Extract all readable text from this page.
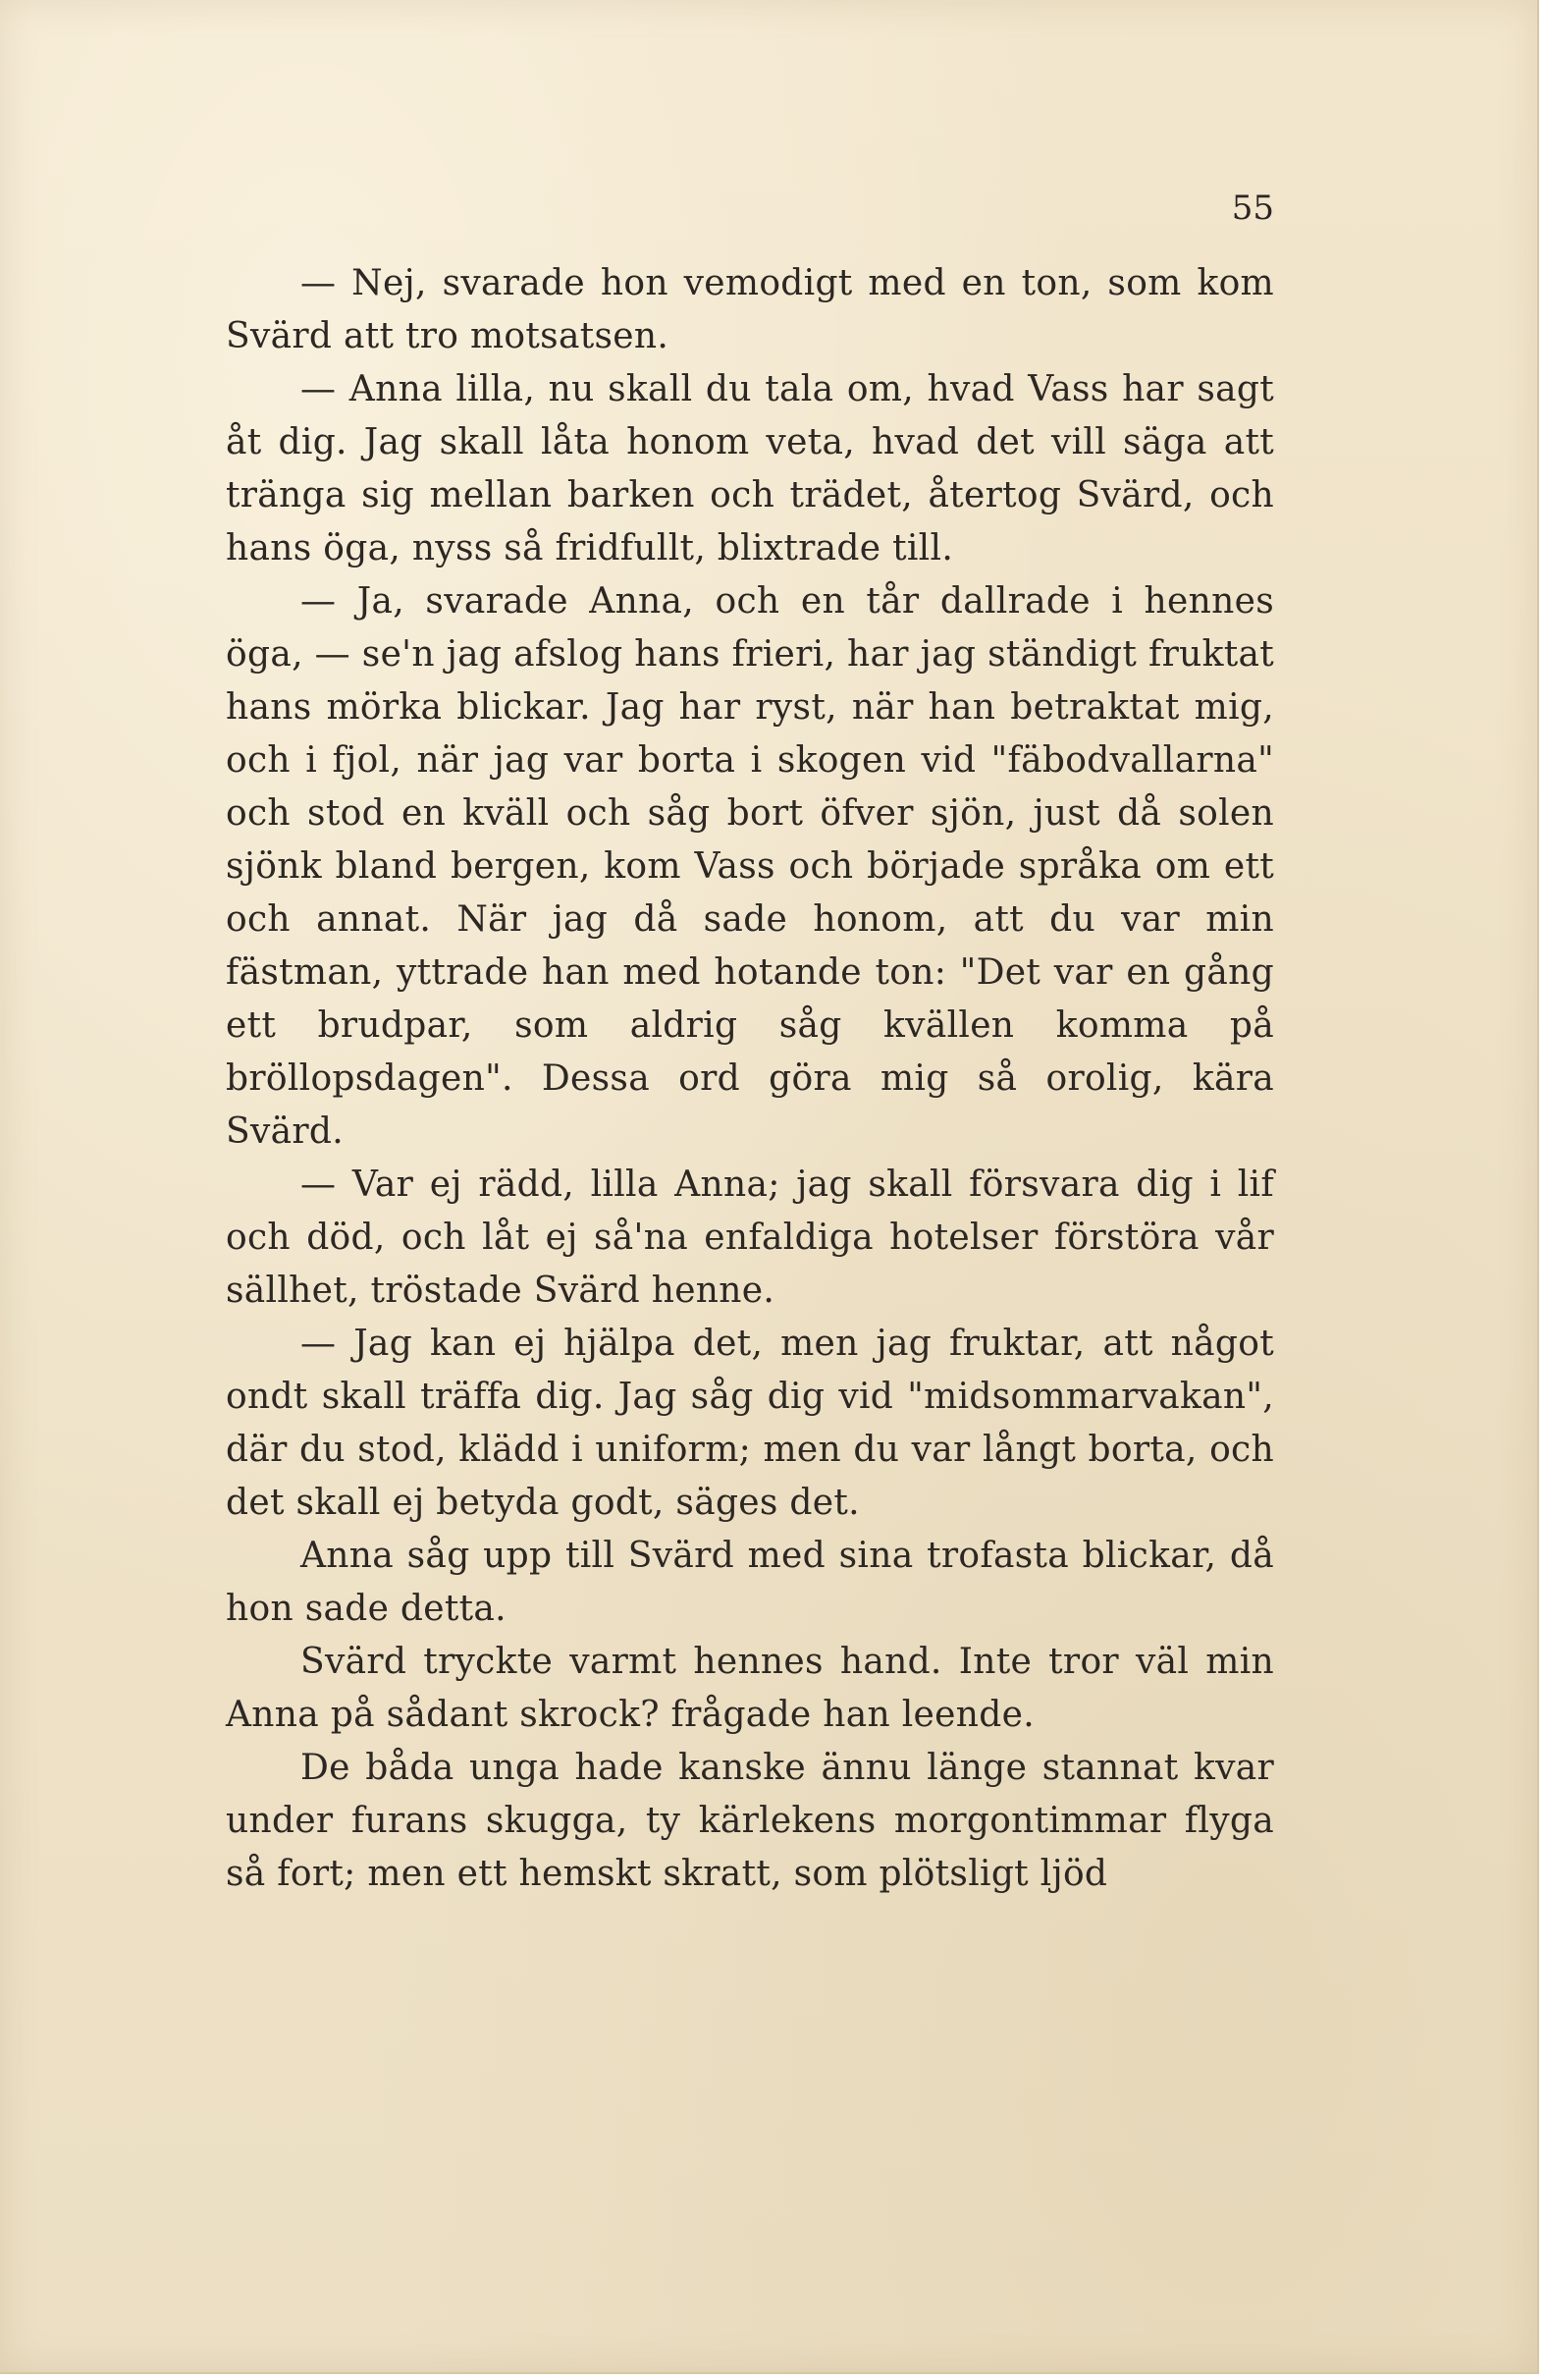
55

— Nej, svarade hon vemodigt med en ton, som kom Svärd att tro motsatsen.

— Anna lilla, nu skall du tala om, hvad Vass har sagt åt dig. Jag skall låta honom veta, hvad det vill säga att tränga sig mellan barken och trädet, återtog Svärd, och hans öga, nyss så fridfullt, blixtrade till.

— Ja, svarade Anna, och en tår dallrade i hennes öga, — se'n jag afslog hans frieri, har jag ständigt fruktat hans mörka blickar. Jag har ryst, när han betraktat mig, och i fjol, när jag var borta i skogen vid "fäbodvallarna" och stod en kväll och såg bort öfver sjön, just då solen sjönk bland bergen, kom Vass och började språka om ett och annat. När jag då sade honom, att du var min fästman, yttrade han med hotande ton: "Det var en gång ett brudpar, som aldrig såg kvällen komma på bröllopsdagen". Dessa ord göra mig så orolig, kära Svärd.

— Var ej rädd, lilla Anna; jag skall försvara dig i lif och död, och låt ej så'na enfaldiga hotelser förstöra vår sällhet, tröstade Svärd henne.

— Jag kan ej hjälpa det, men jag fruktar, att något ondt skall träffa dig. Jag såg dig vid "midsommarvakan", där du stod, klädd i uniform; men du var långt borta, och det skall ej betyda godt, säges det.

Anna såg upp till Svärd med sina trofasta blickar, då hon sade detta.

Svärd tryckte varmt hennes hand. Inte tror väl min Anna på sådant skrock? frågade han leende.

De båda unga hade kanske ännu länge stannat kvar under furans skugga, ty kärlekens morgontimmar flyga så fort; men ett hemskt skratt, som plötsligt ljöd
